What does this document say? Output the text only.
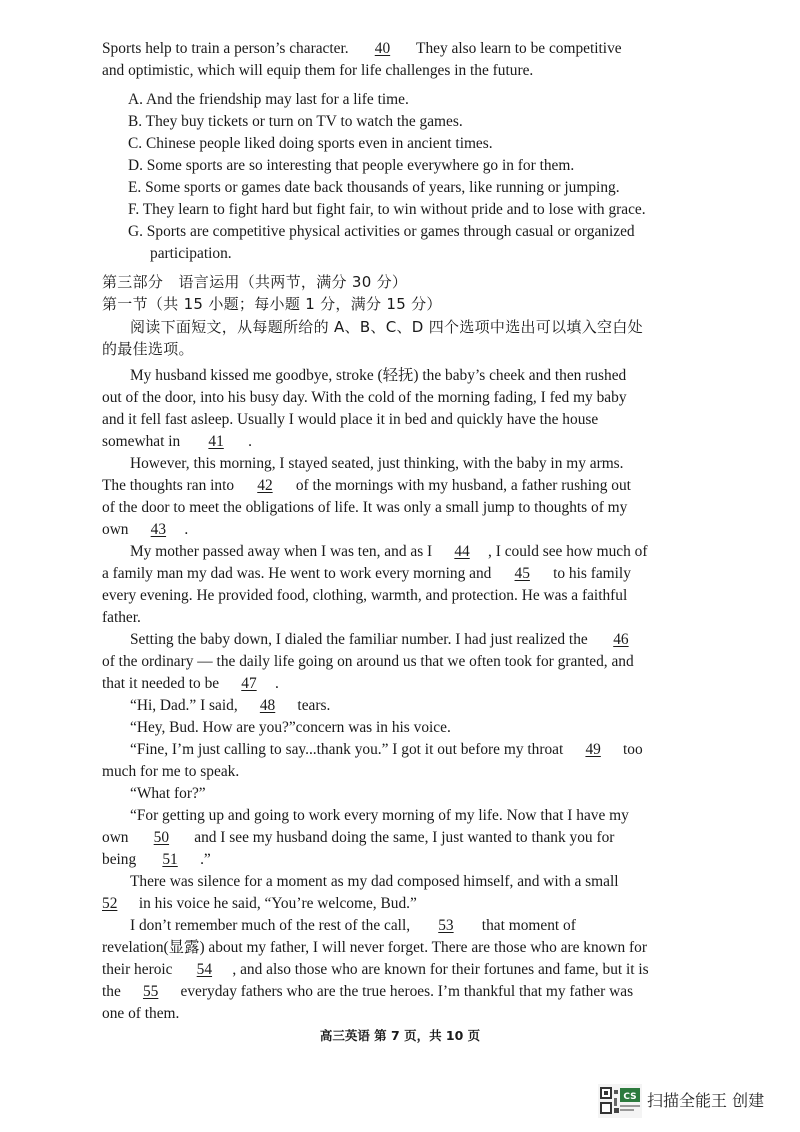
Sports help to train a person’s character. 40 They also learn to be competitive
and optimistic, which will equip them for life challenges in the future.
A. And the friendship may last for a life time.
B. They buy tickets or turn on TV to watch the games.
C. Chinese people liked doing sports even in ancient times.
D. Some sports are so interesting that people everywhere go in for them.
E. Some sports or games date back thousands of years, like running or jumping.
F. They learn to fight hard but fight fair, to win without pride and to lose with grace.
G. Sports are competitive physical activities or games through casual or organized
participation.
第三部分　语言运用（共两节，满分 30 分）
第一节（共 15 小题；每小题 1 分，满分 15 分）
阅读下面短文，从每题所给的 A、B、C、D 四个选项中选出可以填入空白处
的最佳选项。
My husband kissed me goodbye, stroke (轻抚) the baby’s cheek and then rushed
out of the door, into his busy day. With the cold of the morning fading, I fed my baby
and it fell fast asleep. Usually I would place it in bed and quickly have the house
somewhat in 41 .
However, this morning, I stayed seated, just thinking, with the baby in my arms.
The thoughts ran into 42 of the mornings with my husband, a father rushing out
of the door to meet the obligations of life. It was only a small jump to thoughts of my
own 43 .
My mother passed away when I was ten, and as I 44 , I could see how much of
a family man my dad was. He went to work every morning and 45 to his family
every evening. He provided food, clothing, warmth, and protection. He was a faithful
father.
Setting the baby down, I dialed the familiar number. I had just realized the 46
of the ordinary — the daily life going on around us that we often took for granted, and
that it needed to be 47 .
“Hi, Dad.” I said, 48 tears.
“Hey, Bud. How are you?”concern was in his voice.
“Fine, I’m just calling to say...thank you.” I got it out before my throat 49 too
much for me to speak.
“What for?”
“For getting up and going to work every morning of my life. Now that I have my
own 50 and I see my husband doing the same, I just wanted to thank you for
being 51 .”
There was silence for a moment as my dad composed himself, and with a small
52 in his voice he said, “You’re welcome, Bud.”
I don’t remember much of the rest of the call, 53 that moment of
revelation(显露) about my father, I will never forget. There are those who are known for
their heroic 54 , and also those who are known for their fortunes and fame, but it is
the 55 everyday fathers who are the true heroes. I’m thankful that my father was
one of them.
高三英语 第 7 页，共 10 页
CS 扫描全能王 创建
